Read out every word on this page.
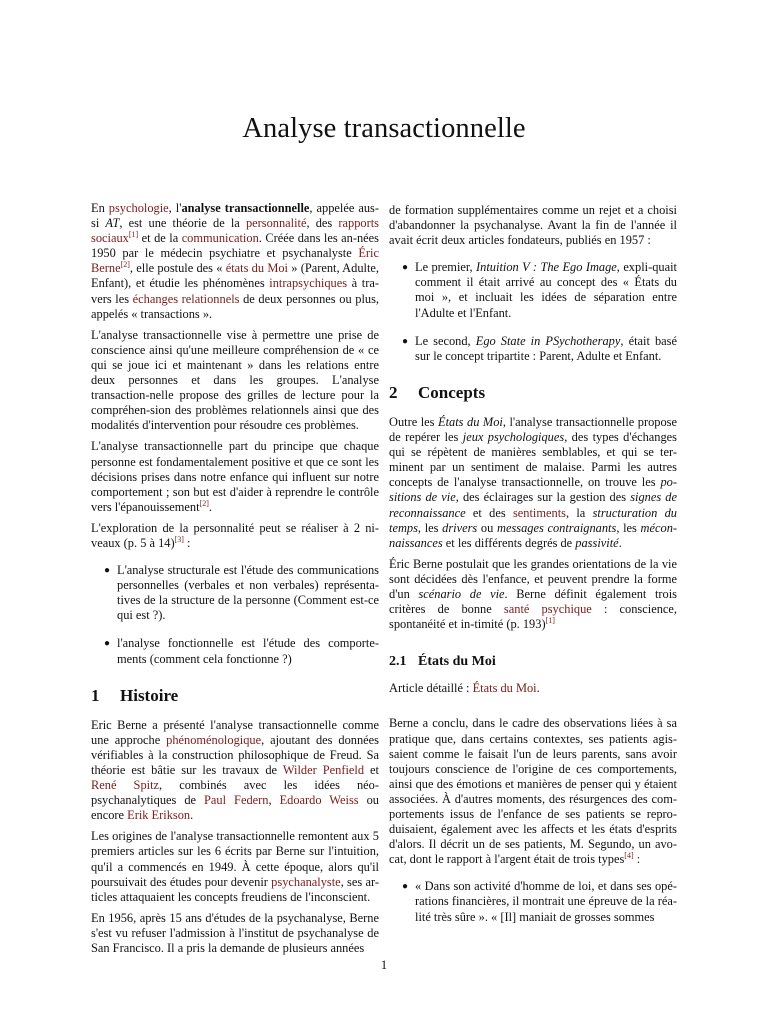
Analyse transactionnelle

En psychologie, l'analyse transactionnelle, appelée aus-si AT, est une théorie de la personnalité, des rapports sociaux[1] et de la communication. Créée dans les an-nées 1950 par le médecin psychiatre et psychanalyste Éric Berne[2], elle postule des « états du Moi » (Parent, Adulte, Enfant), et étudie les phénomènes intrapsychiques à tra-vers les échanges relationnels de deux personnes ou plus, appelés « transactions ».

L'analyse transactionnelle vise à permettre une prise de conscience ainsi qu'une meilleure compréhension de « ce qui se joue ici et maintenant » dans les relations entre deux personnes et dans les groupes. L'analyse transaction-nelle propose des grilles de lecture pour la compréhen-sion des problèmes relationnels ainsi que des modalités d'intervention pour résoudre ces problèmes.

L'analyse transactionnelle part du principe que chaque personne est fondamentalement positive et que ce sont les décisions prises dans notre enfance qui influent sur notre comportement ; son but est d'aider à reprendre le contrôle vers l'épanouissement[2].

L'exploration de la personnalité peut se réaliser à 2 ni-veaux (p. 5 à 14)[3] :

● L'analyse structurale est l'étude des communications personnelles (verbales et non verbales) représenta-tives de la structure de la personne (Comment est-ce qui est ?).
● l'analyse fonctionnelle est l'étude des comporte-ments (comment cela fonctionne ?)
1 Histoire

Eric Berne a présenté l'analyse transactionnelle comme une approche phénoménologique, ajoutant des données vérifiables à la construction philosophique de Freud. Sa théorie est bâtie sur les travaux de Wilder Penfield et René Spitz, combinés avec les idées néo-psychanalytiques de Paul Federn, Edoardo Weiss ou encore Erik Erikson.

Les origines de l'analyse transactionnelle remontent aux 5 premiers articles sur les 6 écrits par Berne sur l'intuition, qu'il a commencés en 1949. À cette époque, alors qu'il poursuivait des études pour devenir psychanalyste, ses ar-ticles attaquaient les concepts freudiens de l'inconscient.

En 1956, après 15 ans d'études de la psychanalyse, Berne s'est vu refuser l'admission à l'institut de psychanalyse de San Francisco. Il a pris la demande de plusieurs années

de formation supplémentaires comme un rejet et a choisi d'abandonner la psychanalyse. Avant la fin de l'année il avait écrit deux articles fondateurs, publiés en 1957 :

● Le premier, Intuition V : The Ego Image, expli-quait comment il était arrivé au concept des « États du moi », et incluait les idées de séparation entre l'Adulte et l'Enfant.
● Le second, Ego State in PSychotherapy, était basé sur le concept tripartite : Parent, Adulte et Enfant.
2 Concepts

Outre les États du Moi, l'analyse transactionnelle propose de repérer les jeux psychologiques, des types d'échanges qui se répètent de manières semblables, et qui se ter-minent par un sentiment de malaise. Parmi les autres concepts de l'analyse transactionnelle, on trouve les po-sitions de vie, des éclairages sur la gestion des signes de reconnaissance et des sentiments, la structuration du temps, les drivers ou messages contraignants, les mécon-naissances et les différents degrés de passivité.

Éric Berne postulait que les grandes orientations de la vie sont décidées dès l'enfance, et peuvent prendre la forme d'un scénario de vie. Berne définit également trois critères de bonne santé psychique : conscience, spontanéité et in-timité (p. 193)[1]

2.1 États du Moi

Article détaillé : États du Moi.

Berne a conclu, dans le cadre des observations liées à sa pratique que, dans certains contextes, ses patients agis-saient comme le faisait l'un de leurs parents, sans avoir toujours conscience de l'origine de ces comportements, ainsi que des émotions et manières de penser qui y étaient associées. À d'autres moments, des résurgences des com-portements issus de l'enfance de ses patients se repro-duisaient, également avec les affects et les états d'esprits d'alors. Il décrit un de ses patients, M. Segundo, un avo-cat, dont le rapport à l'argent était de trois types[4] :

● « Dans son activité d'homme de loi, et dans ses opé-rations financières, il montrait une épreuve de la réa-lité très sûre ». « [Il] maniait de grosses sommes
1
